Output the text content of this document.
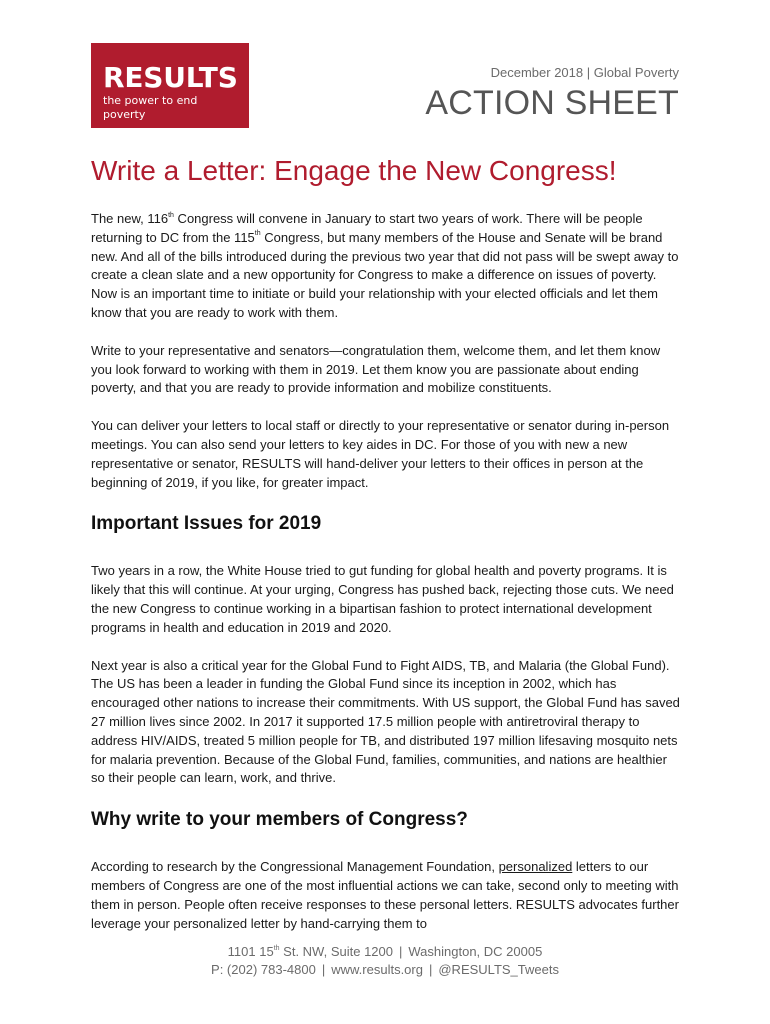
RESULTS
the power to end poverty
December 2018 | Global Poverty
ACTION SHEET
Write a Letter: Engage the New Congress!

The new, 116th Congress will convene in January to start two years of work. There will be people returning to DC from the 115th Congress, but many members of the House and Senate will be brand new. And all of the bills introduced during the previous two year that did not pass will be swept away to create a clean slate and a new opportunity for Congress to make a difference on issues of poverty. Now is an important time to initiate or build your relationship with your elected officials and let them know that you are ready to work with them.

Write to your representative and senators—congratulation them, welcome them, and let them know you look forward to working with them in 2019. Let them know you are passionate about ending poverty, and that you are ready to provide information and mobilize constituents.

You can deliver your letters to local staff or directly to your representative or senator during in-person meetings. You can also send your letters to key aides in DC. For those of you with new a new representative or senator, RESULTS will hand-deliver your letters to their offices in person at the beginning of 2019, if you like, for greater impact.

Important Issues for 2019

Two years in a row, the White House tried to gut funding for global health and poverty programs. It is likely that this will continue. At your urging, Congress has pushed back, rejecting those cuts. We need the new Congress to continue working in a bipartisan fashion to protect international development programs in health and education in 2019 and 2020.

Next year is also a critical year for the Global Fund to Fight AIDS, TB, and Malaria (the Global Fund). The US has been a leader in funding the Global Fund since its inception in 2002, which has encouraged other nations to increase their commitments. With US support, the Global Fund has saved 27 million lives since 2002. In 2017 it supported 17.5 million people with antiretroviral therapy to address HIV/AIDS, treated 5 million people for TB, and distributed 197 million lifesaving mosquito nets for malaria prevention. Because of the Global Fund, families, communities, and nations are healthier so their people can learn, work, and thrive.

Why write to your members of Congress?

According to research by the Congressional Management Foundation, personalized letters to our members of Congress are one of the most influential actions we can take, second only to meeting with them in person. People often receive responses to these personal letters. RESULTS advocates further leverage your personalized letter by hand-carrying them to

1101 15th St. NW, Suite 1200 | Washington, DC 20005
P: (202) 783-4800 | www.results.org | @RESULTS_Tweets
